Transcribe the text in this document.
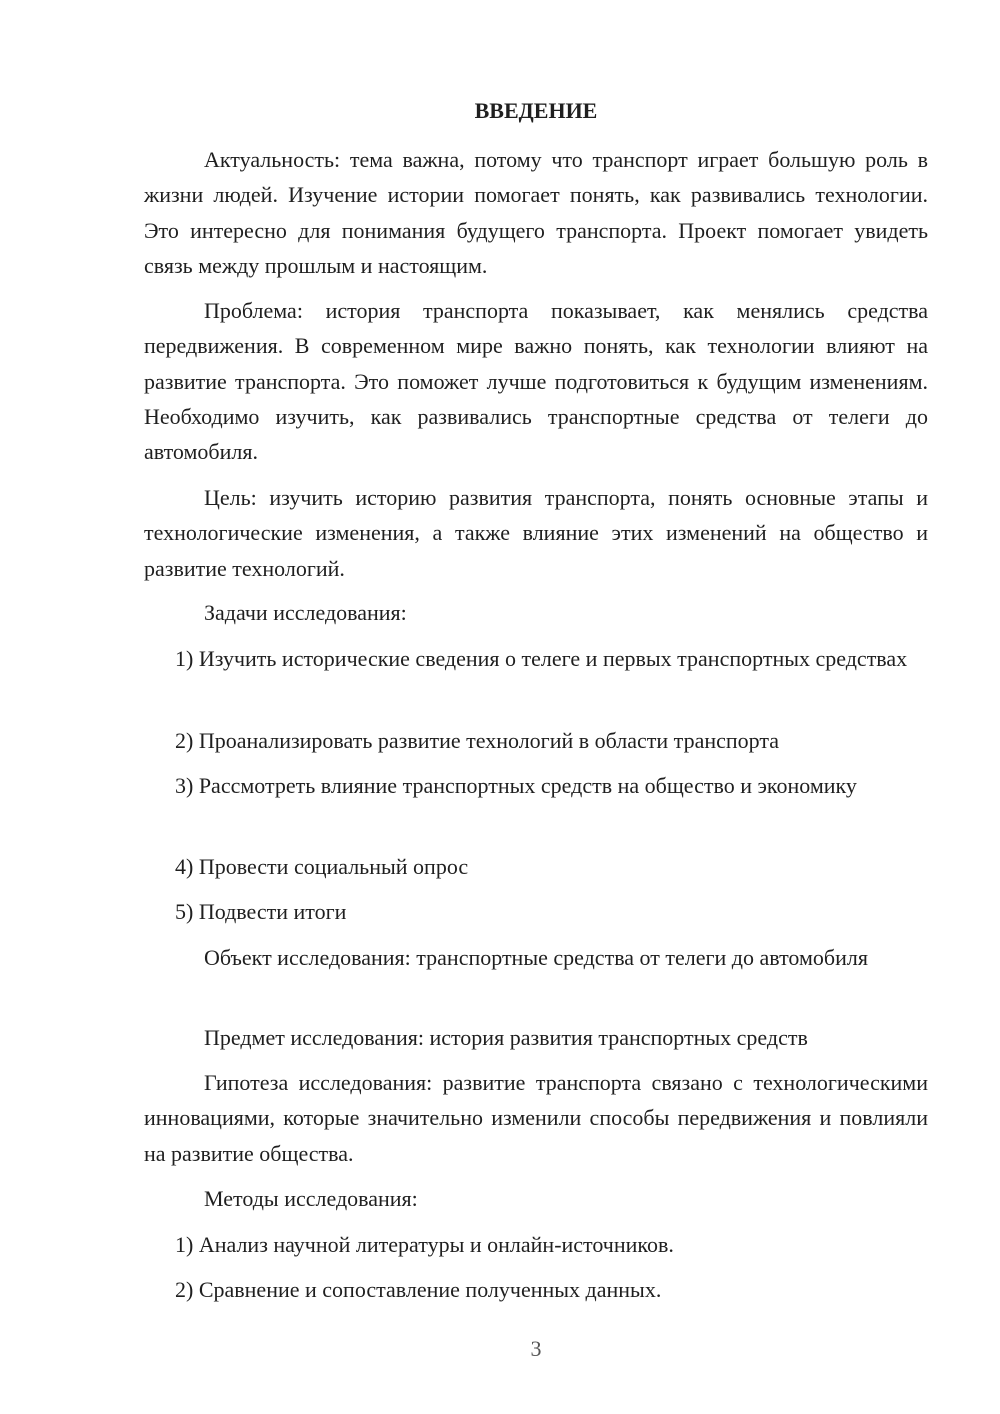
ВВЕДЕНИЕ

Актуальность: тема важна, потому что транспорт играет большую роль в жизни людей. Изучение истории помогает понять, как развивались технологии. Это интересно для понимания будущего транспорта. Проект помогает увидеть связь между прошлым и настоящим.

Проблема: история транспорта показывает, как менялись средства передвижения. В современном мире важно понять, как технологии влияют на развитие транспорта. Это поможет лучше подготовиться к будущим изменениям. Необходимо изучить, как развивались транспортные средства от телеги до автомобиля.

Цель: изучить историю развития транспорта, понять основные этапы и технологические изменения, а также влияние этих изменений на общество и развитие технологий.

Задачи исследования:

1) Изучить исторические сведения о телеге и первых транспортных средствах

2) Проанализировать развитие технологий в области транспорта

3) Рассмотреть влияние транспортных средств на общество и экономику

4) Провести социальный опрос

5) Подвести итоги

Объект исследования: транспортные средства от телеги до автомобиля

Предмет исследования: история развития транспортных средств

Гипотеза исследования: развитие транспорта связано с технологическими инновациями, которые значительно изменили способы передвижения и повлияли на развитие общества.

Методы исследования:

1) Анализ научной литературы и онлайн-источников.

2) Сравнение и сопоставление полученных данных.

3
